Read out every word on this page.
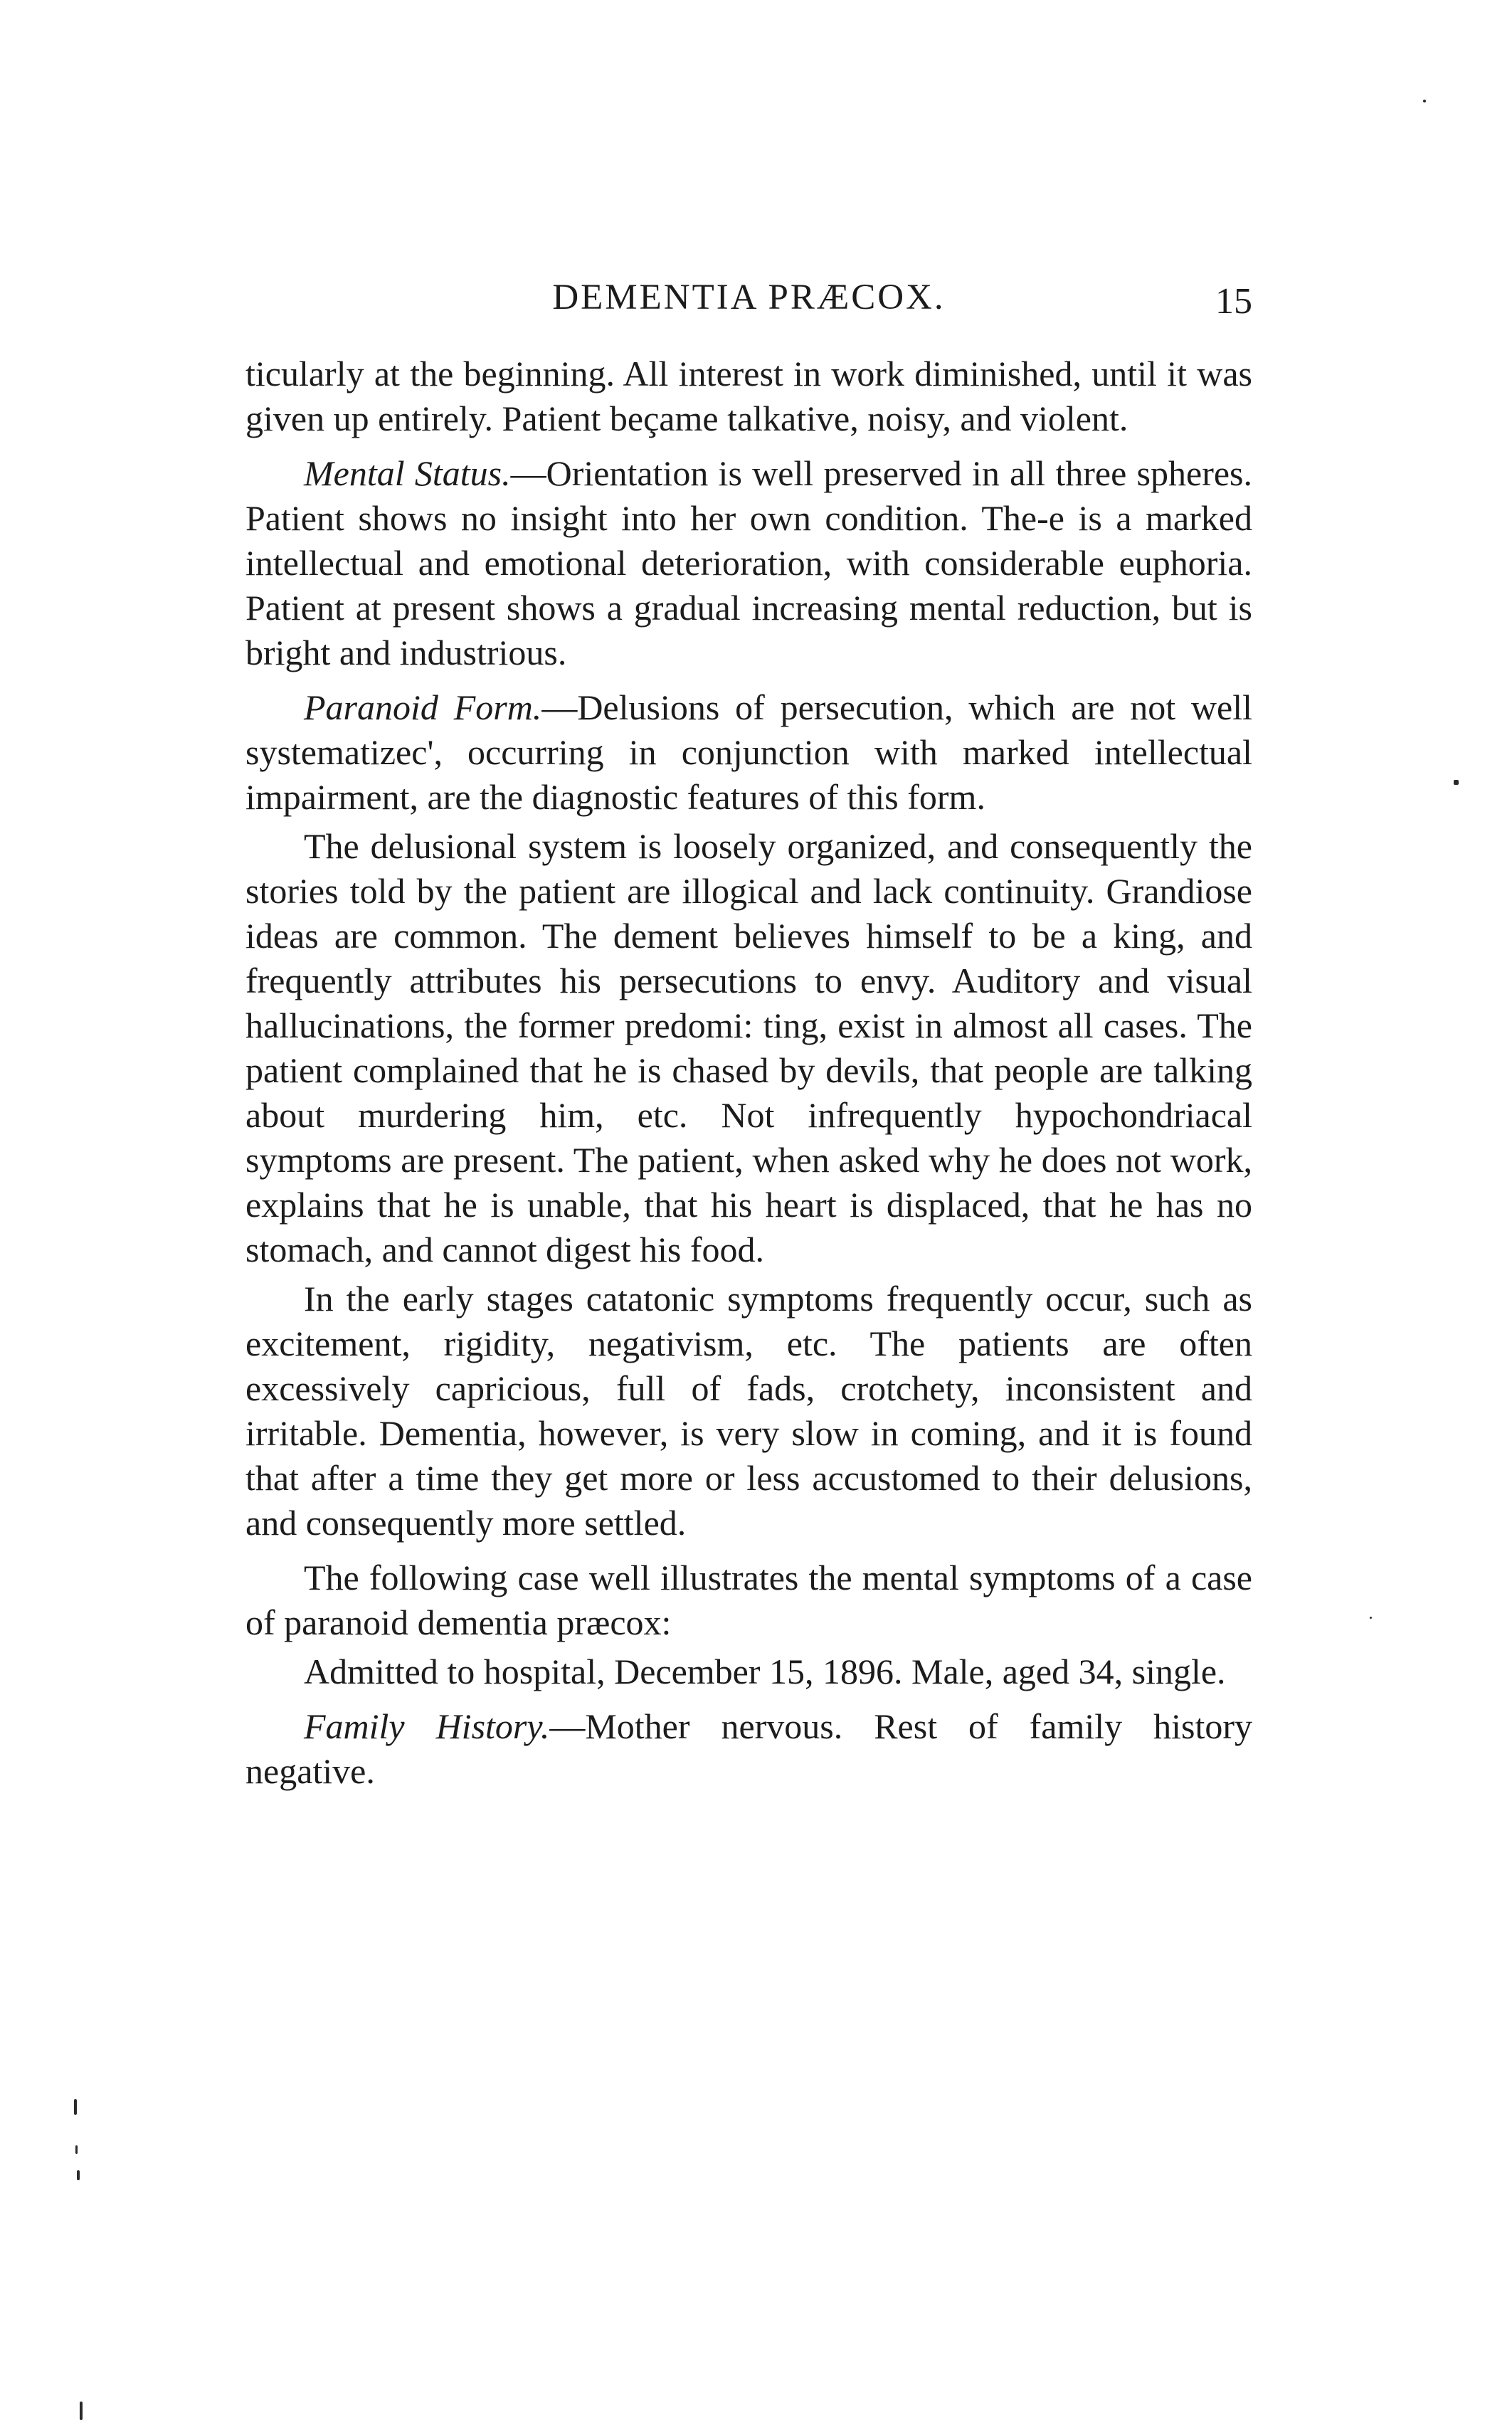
DEMENTIA PRÆCOX.	15

ticularly at the beginning. All interest in work diminished, until it was given up entirely. Patient beçame talkative, noisy, and violent.

Mental Status.—Orientation is well preserved in all three spheres. Patient shows no insight into her own condition. The-e is a marked intellectual and emotional deterioration, with considerable euphoria. Patient at present shows a gradual increasing mental reduction, but is bright and industrious.

Paranoid Form.—Delusions of persecution, which are not well systematizec', occurring in conjunction with marked intellectual impairment, are the diagnostic features of this form.

The delusional system is loosely organized, and consequently the stories told by the patient are illogical and lack continuity. Grandiose ideas are common. The dement believes himself to be a king, and frequently attributes his persecutions to envy. Auditory and visual hallucinations, the former predomi: ting, exist in almost all cases. The patient complained that he is chased by devils, that people are talking about murdering him, etc. Not infrequently hypochondriacal symptoms are present. The patient, when asked why he does not work, explains that he is unable, that his heart is displaced, that he has no stomach, and cannot digest his food.

In the early stages catatonic symptoms frequently occur, such as excitement, rigidity, negativism, etc. The patients are often excessively capricious, full of fads, crotchety, inconsistent and irritable. Dementia, however, is very slow in coming, and it is found that after a time they get more or less accustomed to their delusions, and consequently more settled.

The following case well illustrates the mental symptoms of a case of paranoid dementia præcox:

Admitted to hospital, December 15, 1896. Male, aged 34, single.

Family History.—Mother nervous. Rest of family history negative.
